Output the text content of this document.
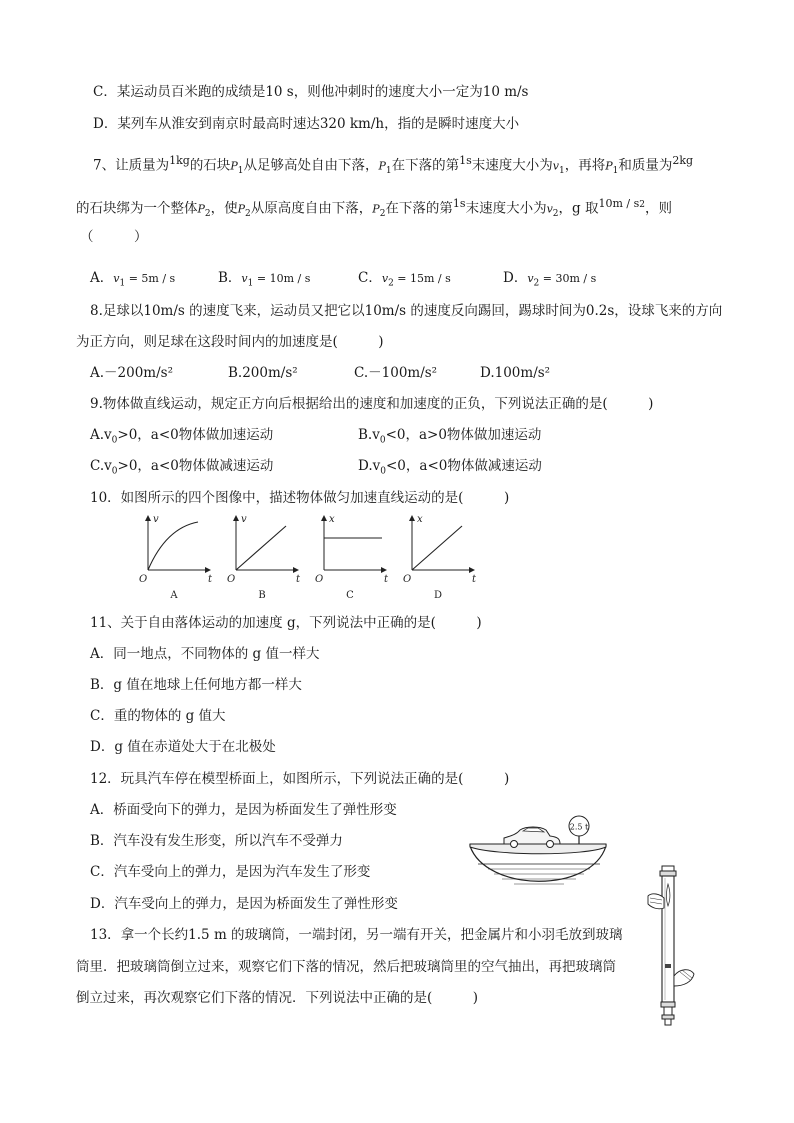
C．某运动员百米跑的成绩是10 s，则他冲刺时的速度大小一定为10 m/s
D．某列车从淮安到南京时最高时速达320 km/h，指的是瞬时速度大小
7、让质量为$^{1kg}$的石块$P_1$从足够高处自由下落，$P_1$在下落的第$^{1s}$末速度大小为$v_1$，再将$P_1$和质量为$^{2kg}$
的石块绑为一个整体$P_2$，使$P_2$从原高度自由下落，$P_2$在下落的第$^{1s}$末速度大小为$v_2$，g 取$^{10m / s2}$，则
（　　　）
A．$v_1 = 5m / s$	B．$v_1 = 10m / s$	C．$v_2 = 15m / s$	D．$v_2 = 30m / s$
8.足球以10m/s 的速度飞来，运动员又把它以10m/s 的速度反向踢回，踢球时间为0.2s，设球飞来的方向
为正方向，则足球在这段时间内的加速度是(　　　)
A.－200m/s²	B.200m/s²	C.－100m/s²	D.100m/s²
9.物体做直线运动，规定正方向后根据给出的速度和加速度的正负，下列说法正确的是(　　　)
$A.v_0>0$，a<0物体做加速运动	$B.v_0<0$，a>0物体做加速运动
$C.v_0>0$，a<0物体做减速运动	$D.v_0<0$，a<0物体做减速运动
10．如图所示的四个图像中，描述物体做匀加速直线运动的是(　　　)
v
t
O
A
v
t
O
B
x
t
O
C
x
t
O
D
11、关于自由落体运动的加速度 g，下列说法中正确的是(　　　)
A．同一地点，不同物体的 g 值一样大
B．g 值在地球上任何地方都一样大
C．重的物体的 g 值大
D．g 值在赤道处大于在北极处
12．玩具汽车停在模型桥面上，如图所示，下列说法正确的是(　　　)
A．桥面受向下的弹力，是因为桥面发生了弹性形变
B．汽车没有发生形变，所以汽车不受弹力
C．汽车受向上的弹力，是因为汽车发生了形变
D．汽车受向上的弹力，是因为桥面发生了弹性形变
2.5 t
13．拿一个长约1.5 m 的玻璃筒，一端封闭，另一端有开关，把金属片和小羽毛放到玻璃
筒里．把玻璃筒倒立过来，观察它们下落的情况，然后把玻璃筒里的空气抽出，再把玻璃筒
倒立过来，再次观察它们下落的情况．下列说法中正确的是(　　　)
